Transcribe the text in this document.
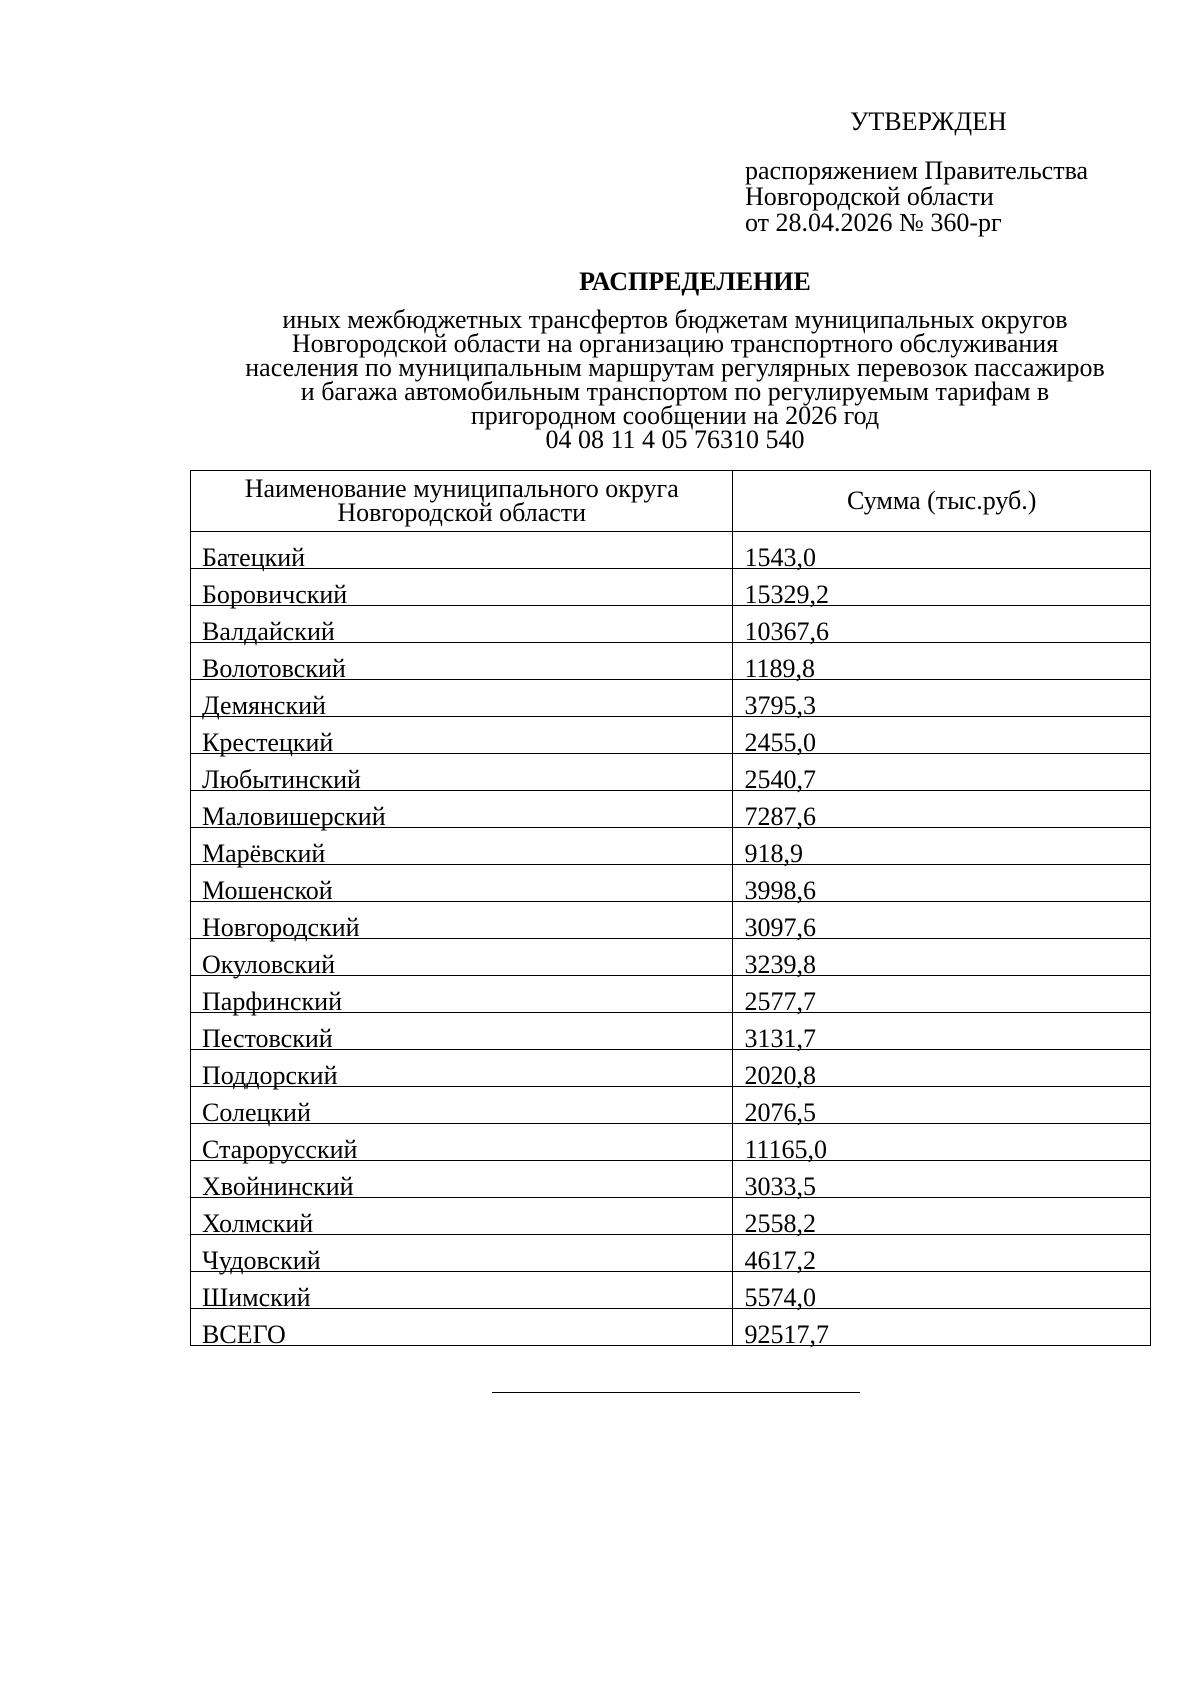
УТВЕРЖДЕН
распоряжением Правительства
Новгородской области
от 28.04.2026 № 360-рг
РАСПРЕДЕЛЕНИЕ
иных межбюджетных трансфертов бюджетам муниципальных округов
Новгородской области на организацию транспортного обслуживания
населения по муниципальным маршрутам регулярных перевозок пассажиров
и багажа автомобильным транспортом по регулируемым тарифам в
пригородном сообщении на 2026 год
04 08 11 4 05 76310 540
Наименование муниципального округа
Новгородской области	Сумма (тыс.руб.)

Батецкий	1543,0
Боровичский	15329,2
Валдайский	10367,6
Волотовский	1189,8
Демянский	3795,3
Крестецкий	2455,0
Любытинский	2540,7
Маловишерский	7287,6
Марёвский	918,9
Мошенской	3998,6
Новгородский	3097,6
Окуловский	3239,8
Парфинский	2577,7
Пестовский	3131,7
Поддорский	2020,8
Солецкий	2076,5
Старорусский	11165,0
Хвойнинский	3033,5
Холмский	2558,2
Чудовский	4617,2
Шимский	5574,0
ВСЕГО	92517,7
